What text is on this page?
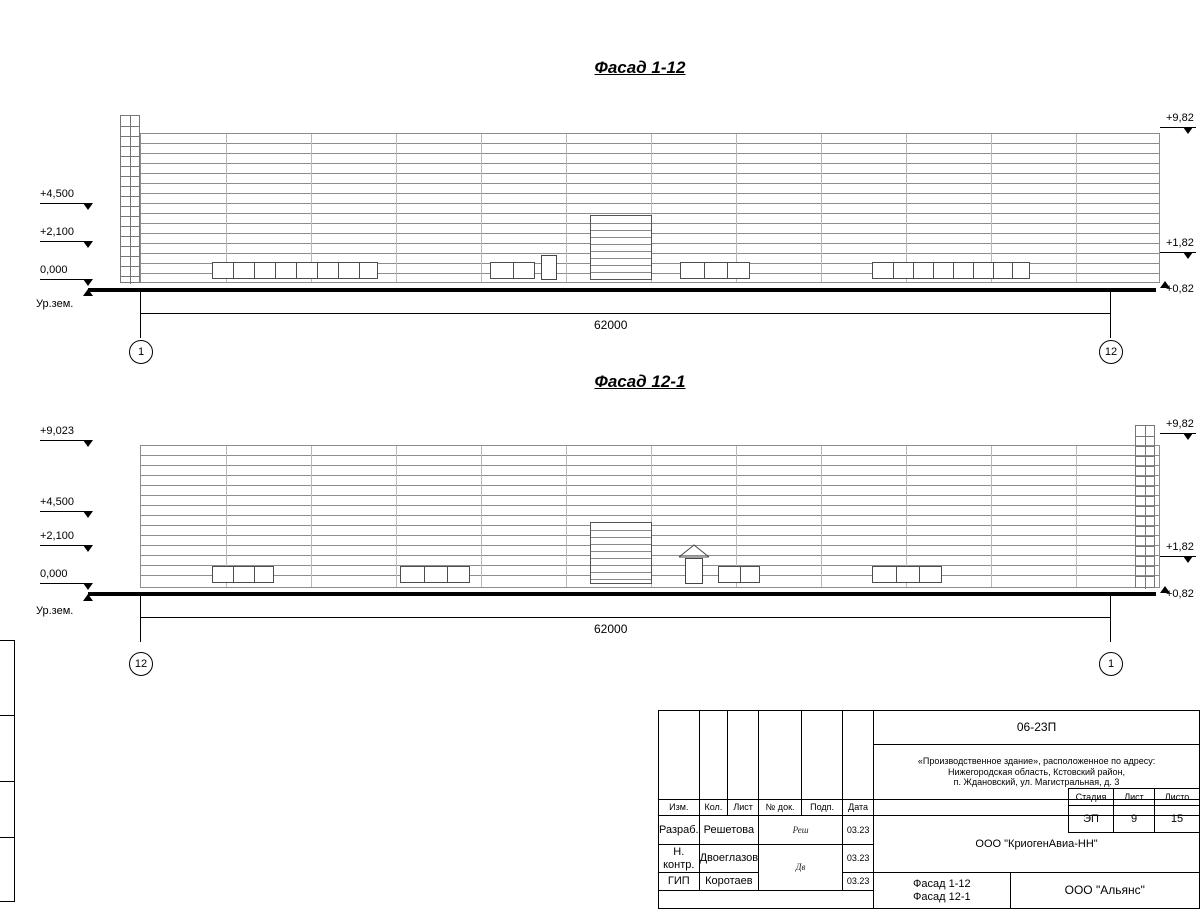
Фасад 1-12
+4,500
+2,100
0,000
Ур.зем.
+9,82
+1,82
+0,82
1	12
62000
Фасад 12-1
+9,023
+4,500
+2,100
0,000
Ур.зем.
+9,82
+1,82
+0,82
12	1
62000
						06-23П	

						«Производственное здание», расположенное по адресу:
Нижегородская область, Кстовский район,
п. Ждановский, ул. Магистральная, д. 3	

Изм.	Кол.	Лист	№ док.	Подп.	Дата		
Разраб.	Решетова		Реш		03.23	ООО "КриогенАвиа-НН"	
Н. контр.	Двоеглазов		Дв		03.23		
ГИП	Коротаев				03.23	Фасад 1-12
Фасад 12-1	ООО "Альянс"

Стадия	Лист	Листо
ЭП	9	15
